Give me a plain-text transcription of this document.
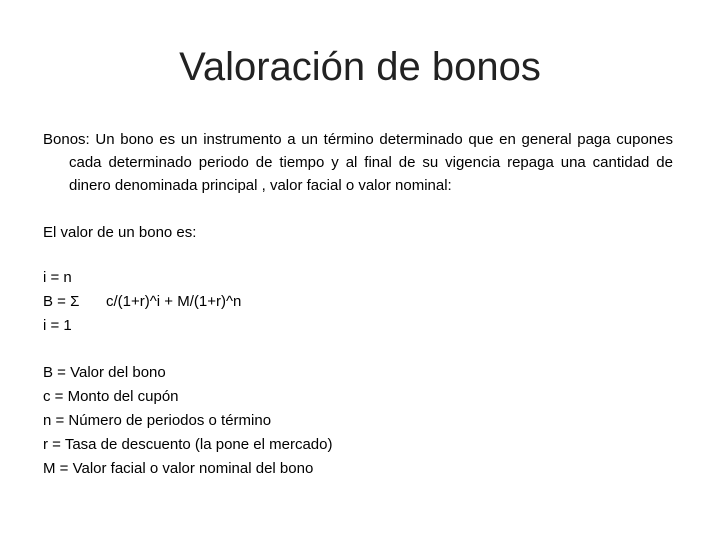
Valoración de bonos

Bonos: Un bono es un instrumento a un término determinado que en general paga cupones cada determinado periodo de tiempo y al final de su vigencia repaga una cantidad de dinero denominada principal , valor facial o valor nominal:

El valor de un bono es:

i = n
B = Σ c/(1+r)^i + M/(1+r)^n
i = 1
B = Valor del bono
c = Monto del cupón
n = Número de periodos o término
r = Tasa de descuento (la pone el mercado)
M = Valor facial o valor nominal del bono
